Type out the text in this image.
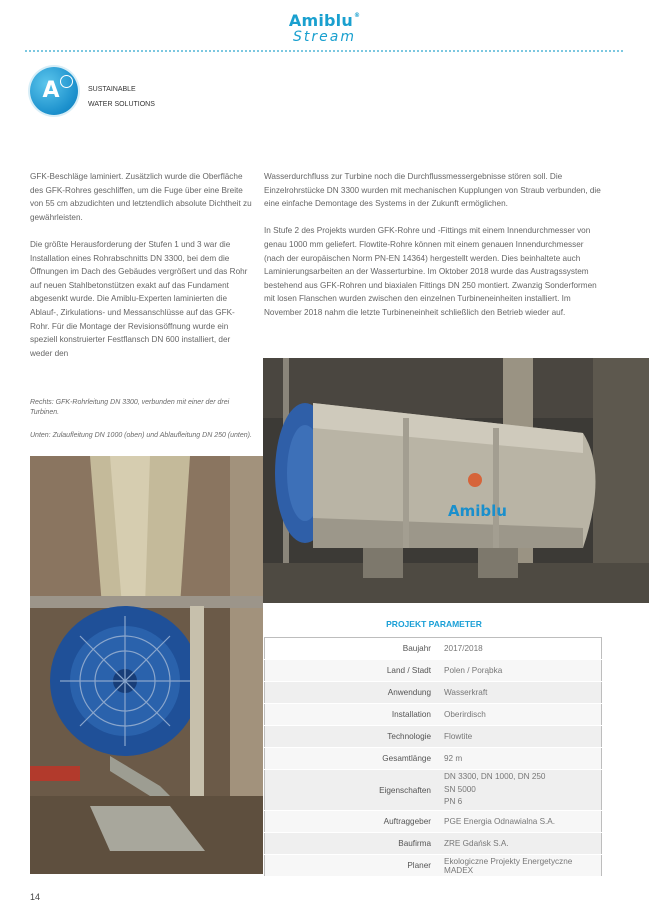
Amiblu®
Stream
A	SUSTAINABLE
WATER SOLUTIONS

GFK-Beschläge laminiert. Zusätzlich wurde die Oberfläche des GFK-Rohres geschliffen, um die Fuge über eine Breite von 55 cm abzudichten und letztendlich absolute Dichtheit zu gewährleisten.

Die größte Herausforderung der Stufen 1 und 3 war die Installation eines Rohrabschnitts DN 3300, bei dem die Öffnungen im Dach des Gebäudes vergrößert und das Rohr auf neuen Stahlbetonstützen exakt auf das Fundament abgesenkt wurde. Die Amiblu-Experten laminierten die Ablauf-, Zirkulations- und Messanschlüsse auf das GFK-Rohr. Für die Montage der Revisionsöffnung wurde ein speziell konstruierter Festflansch DN 600 installiert, der weder den

Rechts: GFK-Rohrleitung DN 3300, verbunden mit einer der drei Turbinen.
Unten: Zulaufleitung DN 1000 (oben) und Ablaufleitung DN 250 (unten).

Wasserdurchfluss zur Turbine noch die Durchflussmessergebnisse stören soll. Die Einzelrohrstücke DN 3300 wurden mit mechanischen Kupplungen von Straub verbunden, die eine einfache Demontage des Systems in der Zukunft ermöglichen.

In Stufe 2 des Projekts wurden GFK-Rohre und -Fittings mit einem Innendurchmesser von genau 1000 mm geliefert. Flowtite-Rohre können mit einem genauen Innendurchmesser (nach der europäischen Norm PN-EN 14364) hergestellt werden. Dies beinhaltete auch Laminierungsarbeiten an der Wasserturbine. Im Oktober 2018 wurde das Austragssystem bestehend aus GFK-Rohren und biaxialen Fittings DN 250 montiert. Zwanzig Sonderformen mit losen Flanschen wurden zwischen den einzelnen Turbineneinheiten installiert. Im November 2018 nahm die letzte Turbineneinheit schließlich den Betrieb wieder auf.

Amiblu
PROJEKT PARAMETER
Baujahr	2017/2018
Land / Stadt	Polen / Porąbka
Anwendung	Wasserkraft
Installation	Oberirdisch
Technologie	Flowtite
Gesamtlänge	92 m
Eigenschaften	DN 3300, DN 1000, DN 250
SN 5000
PN 6

Auftraggeber	PGE Energia Odnawialna S.A.
Baufirma	ZRE Gdańsk S.A.
Planer	Ekologiczne Projekty Energetyczne MADEX
14
